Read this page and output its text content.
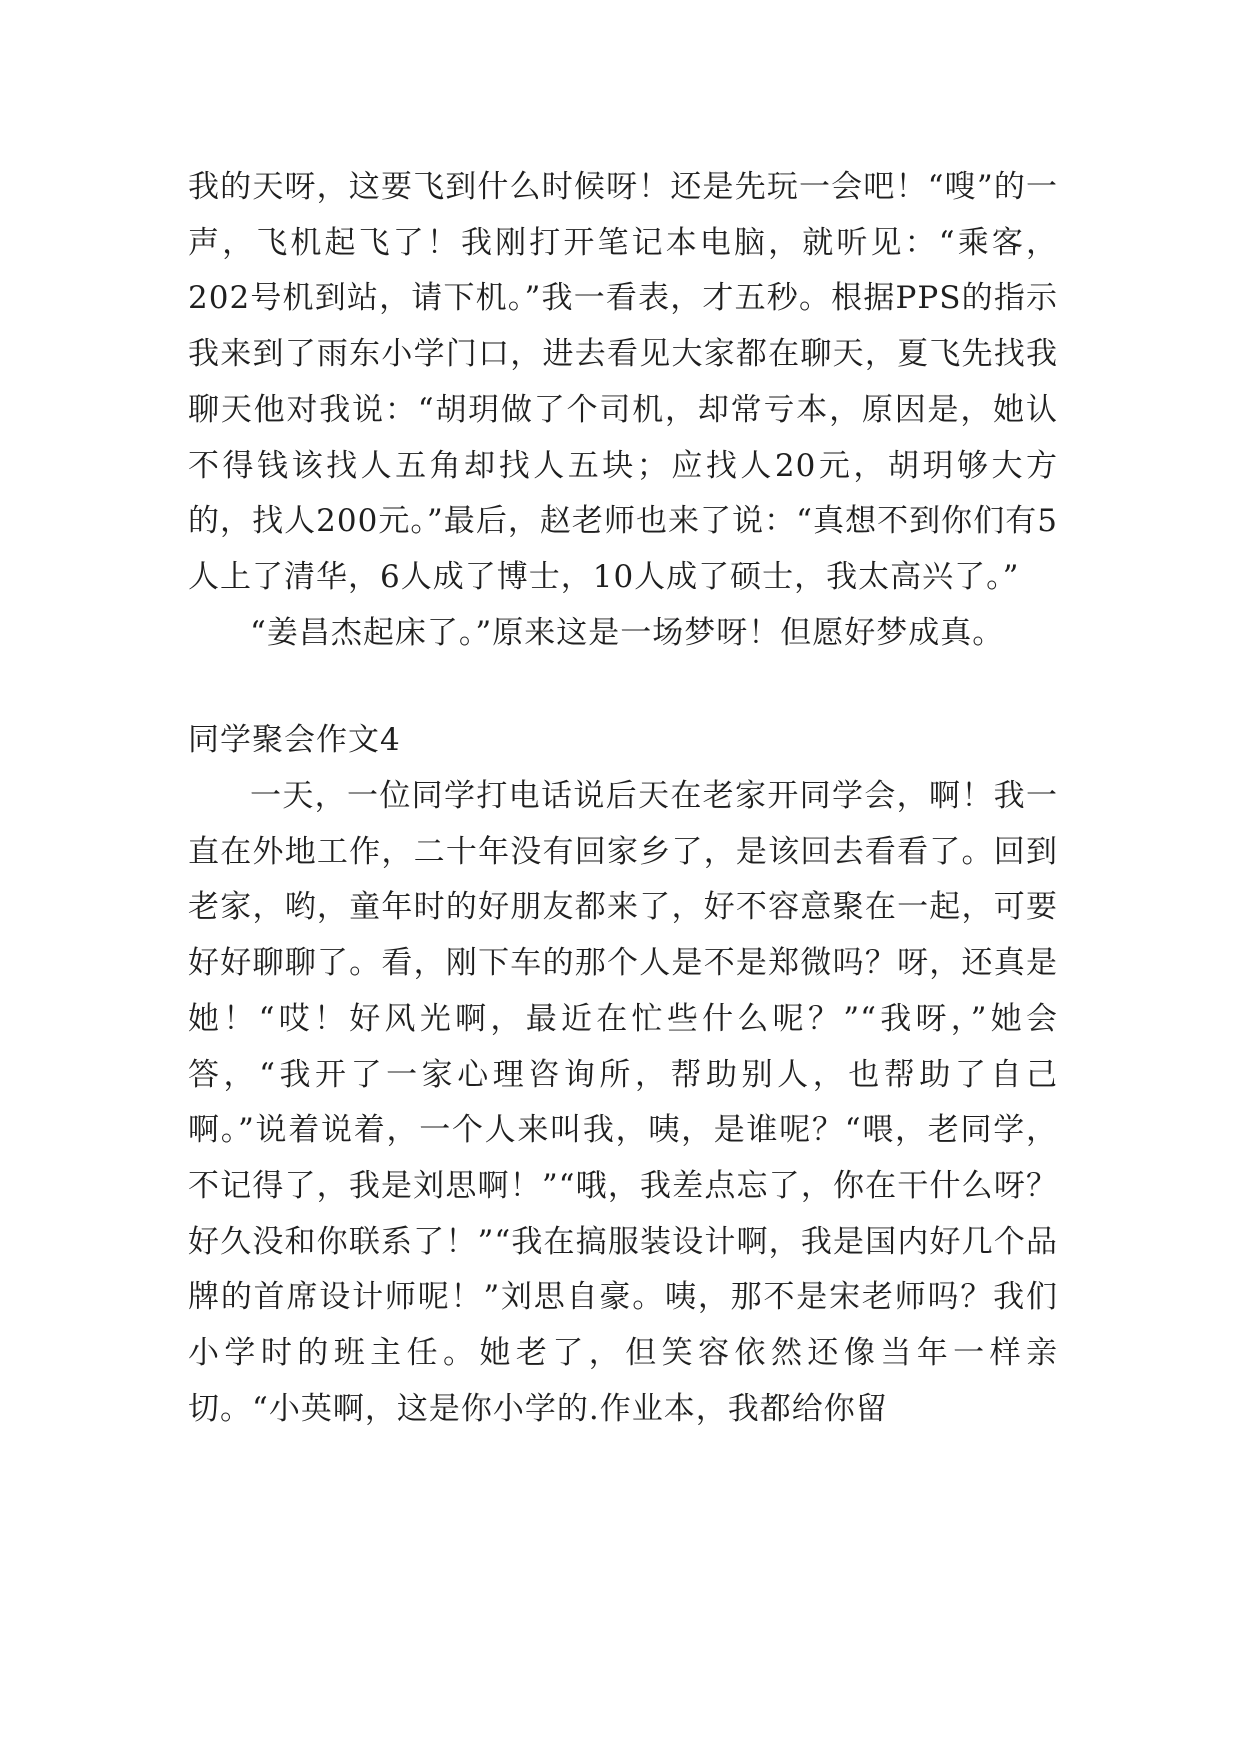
我的天呀，这要飞到什么时候呀！还是先玩一会吧！“嗖”的一声，飞机起飞了！我刚打开笔记本电脑，就听见：“乘客，202号机到站，请下机。”我一看表，才五秒。根据PPS的指示我来到了雨东小学门口，进去看见大家都在聊天，夏飞先找我聊天他对我说：“胡玥做了个司机，却常亏本，原因是，她认不得钱该找人五角却找人五块；应找人20元，胡玥够大方的，找人200元。”最后，赵老师也来了说：“真想不到你们有5人上了清华，6人成了博士，10人成了硕士，我太高兴了。”

“姜昌杰起床了。”原来这是一场梦呀！但愿好梦成真。

同学聚会作文4

一天，一位同学打电话说后天在老家开同学会，啊！我一直在外地工作，二十年没有回家乡了，是该回去看看了。回到老家，哟，童年时的好朋友都来了，好不容意聚在一起，可要好好聊聊了。看，刚下车的那个人是不是郑微吗？呀，还真是她！“哎！好风光啊，最近在忙些什么呢？”“我呀，”她会答，“我开了一家心理咨询所，帮助别人，也帮助了自己啊。”说着说着，一个人来叫我，咦，是谁呢？“喂，老同学，不记得了，我是刘思啊！”“哦，我差点忘了，你在干什么呀？好久没和你联系了！”“我在搞服装设计啊，我是国内好几个品牌的首席设计师呢！”刘思自豪。咦，那不是宋老师吗？我们小学时的班主任。她老了，但笑容依然还像当年一样亲切。“小英啊，这是你小学的.作业本，我都给你留
